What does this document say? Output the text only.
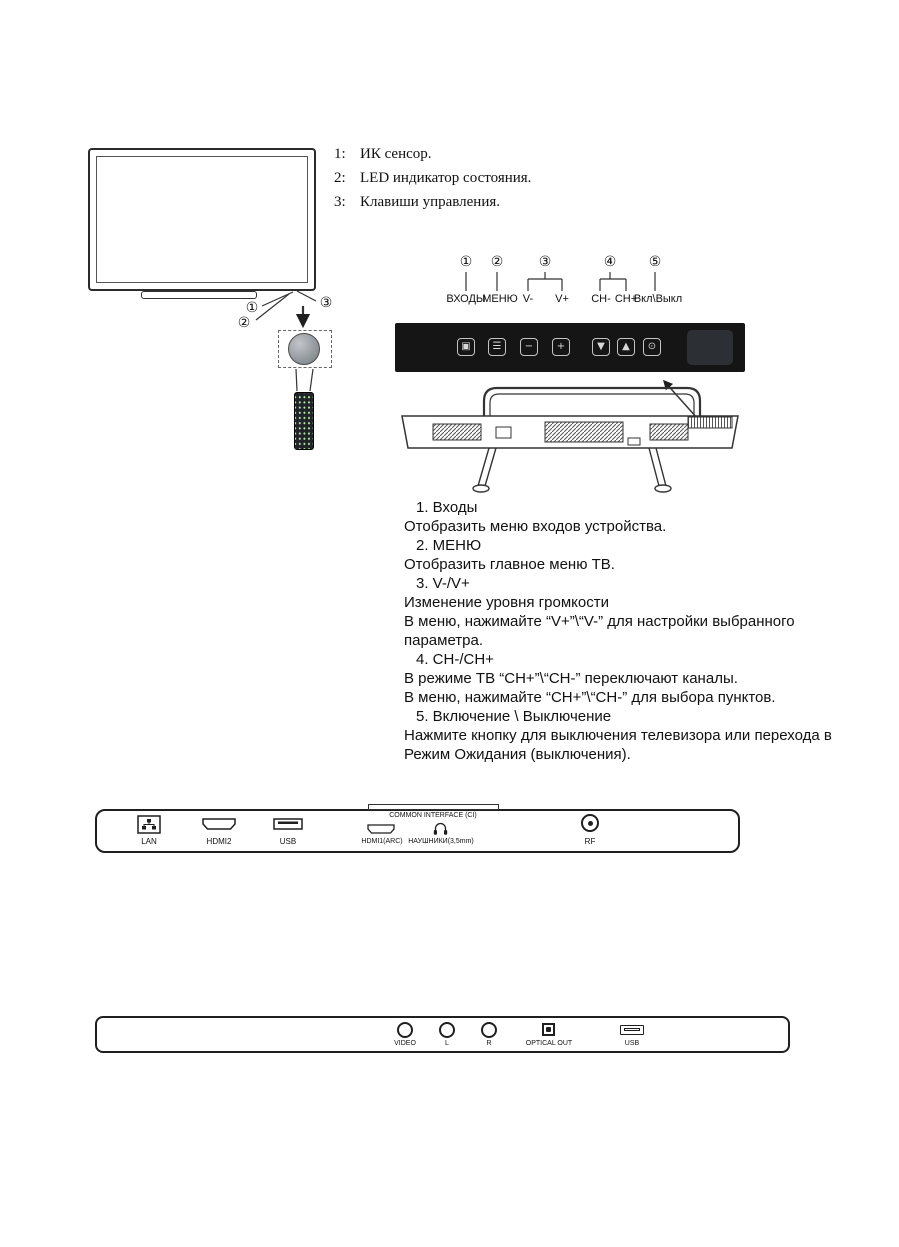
①
②
③
1: ИК сенсор.
2: LED индикатор состояния.
3: Клавиши управления.
① ②	③	④ ⑤
ВХОДЫ
МЕНЮ V- V+ CH- CH+
Вкл\Выкл
▣ ☰ − +	▼ ▲ ⊙
1. Входы
Отобразить меню входов устройства.
2. МЕНЮ
Отобразить главное меню ТВ.
3. V-/V+
Изменение уровня громкости
В меню, нажимайте “V+”\“V-” для настройки выбранного
параметра.
4. CH-/CH+
В режиме ТВ “CH+”\“CH-” переключают каналы.
В меню, нажимайте “CH+”\“CH-” для выбора пунктов.
5. Включение \ Выключение
Нажмите кнопку для выключения телевизора или перехода в
Режим Ожидания (выключения).
LAN	HDMI2	USB
COMMON INTERFACE (CI)
HDMI1(ARC) НАУШНИКИ(3,5mm)	RF
VIDEO	L	R	OPTICAL OUT	USB
